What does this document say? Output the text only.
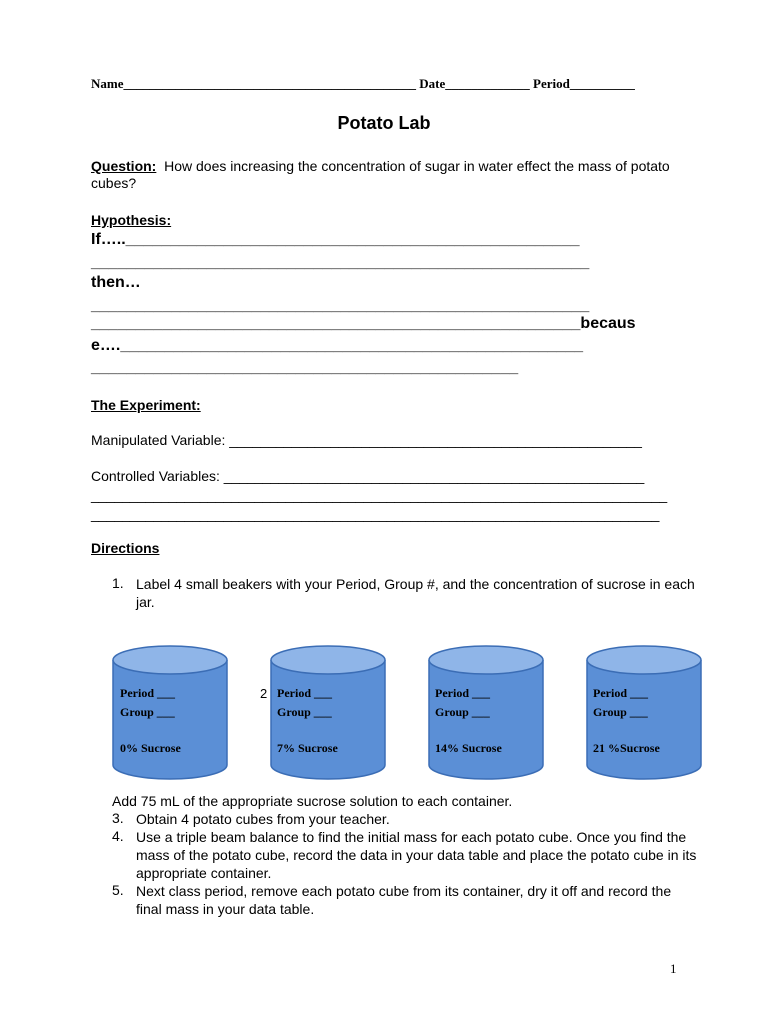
Name_____________________________________________ Date_____________ Period__________
Potato Lab
Question: How does increasing the concentration of sugar in water effect the mass of potato cubes?
Hypothesis:
If…..___________________________________________________
________________________________________________________
then…
________________________________________________________
_______________________________________________________becaus
e….____________________________________________________
________________________________________________
The Experiment:
Manipulated Variable: _____________________________________________________
Controlled Variables: ______________________________________________________
__________________________________________________________________________
_________________________________________________________________________
Directions
1. Label 4 small beakers with your Period, Group #, and the concentration of sucrose in each jar.
Period ___
Group ___
0% Sucrose
2 Period ___
Group ___
7% Sucrose
Period ___
Group ___
14% Sucrose
Period ___
Group ___
21 %Sucrose
Add 75 mL of the appropriate sucrose solution to each container.
3. Obtain 4 potato cubes from your teacher.
4. Use a triple beam balance to find the initial mass for each potato cube. Once you find the mass of the potato cube, record the data in your data table and place the potato cube in its appropriate container.
5. Next class period, remove each potato cube from its container, dry it off and record the final mass in your data table.
1
